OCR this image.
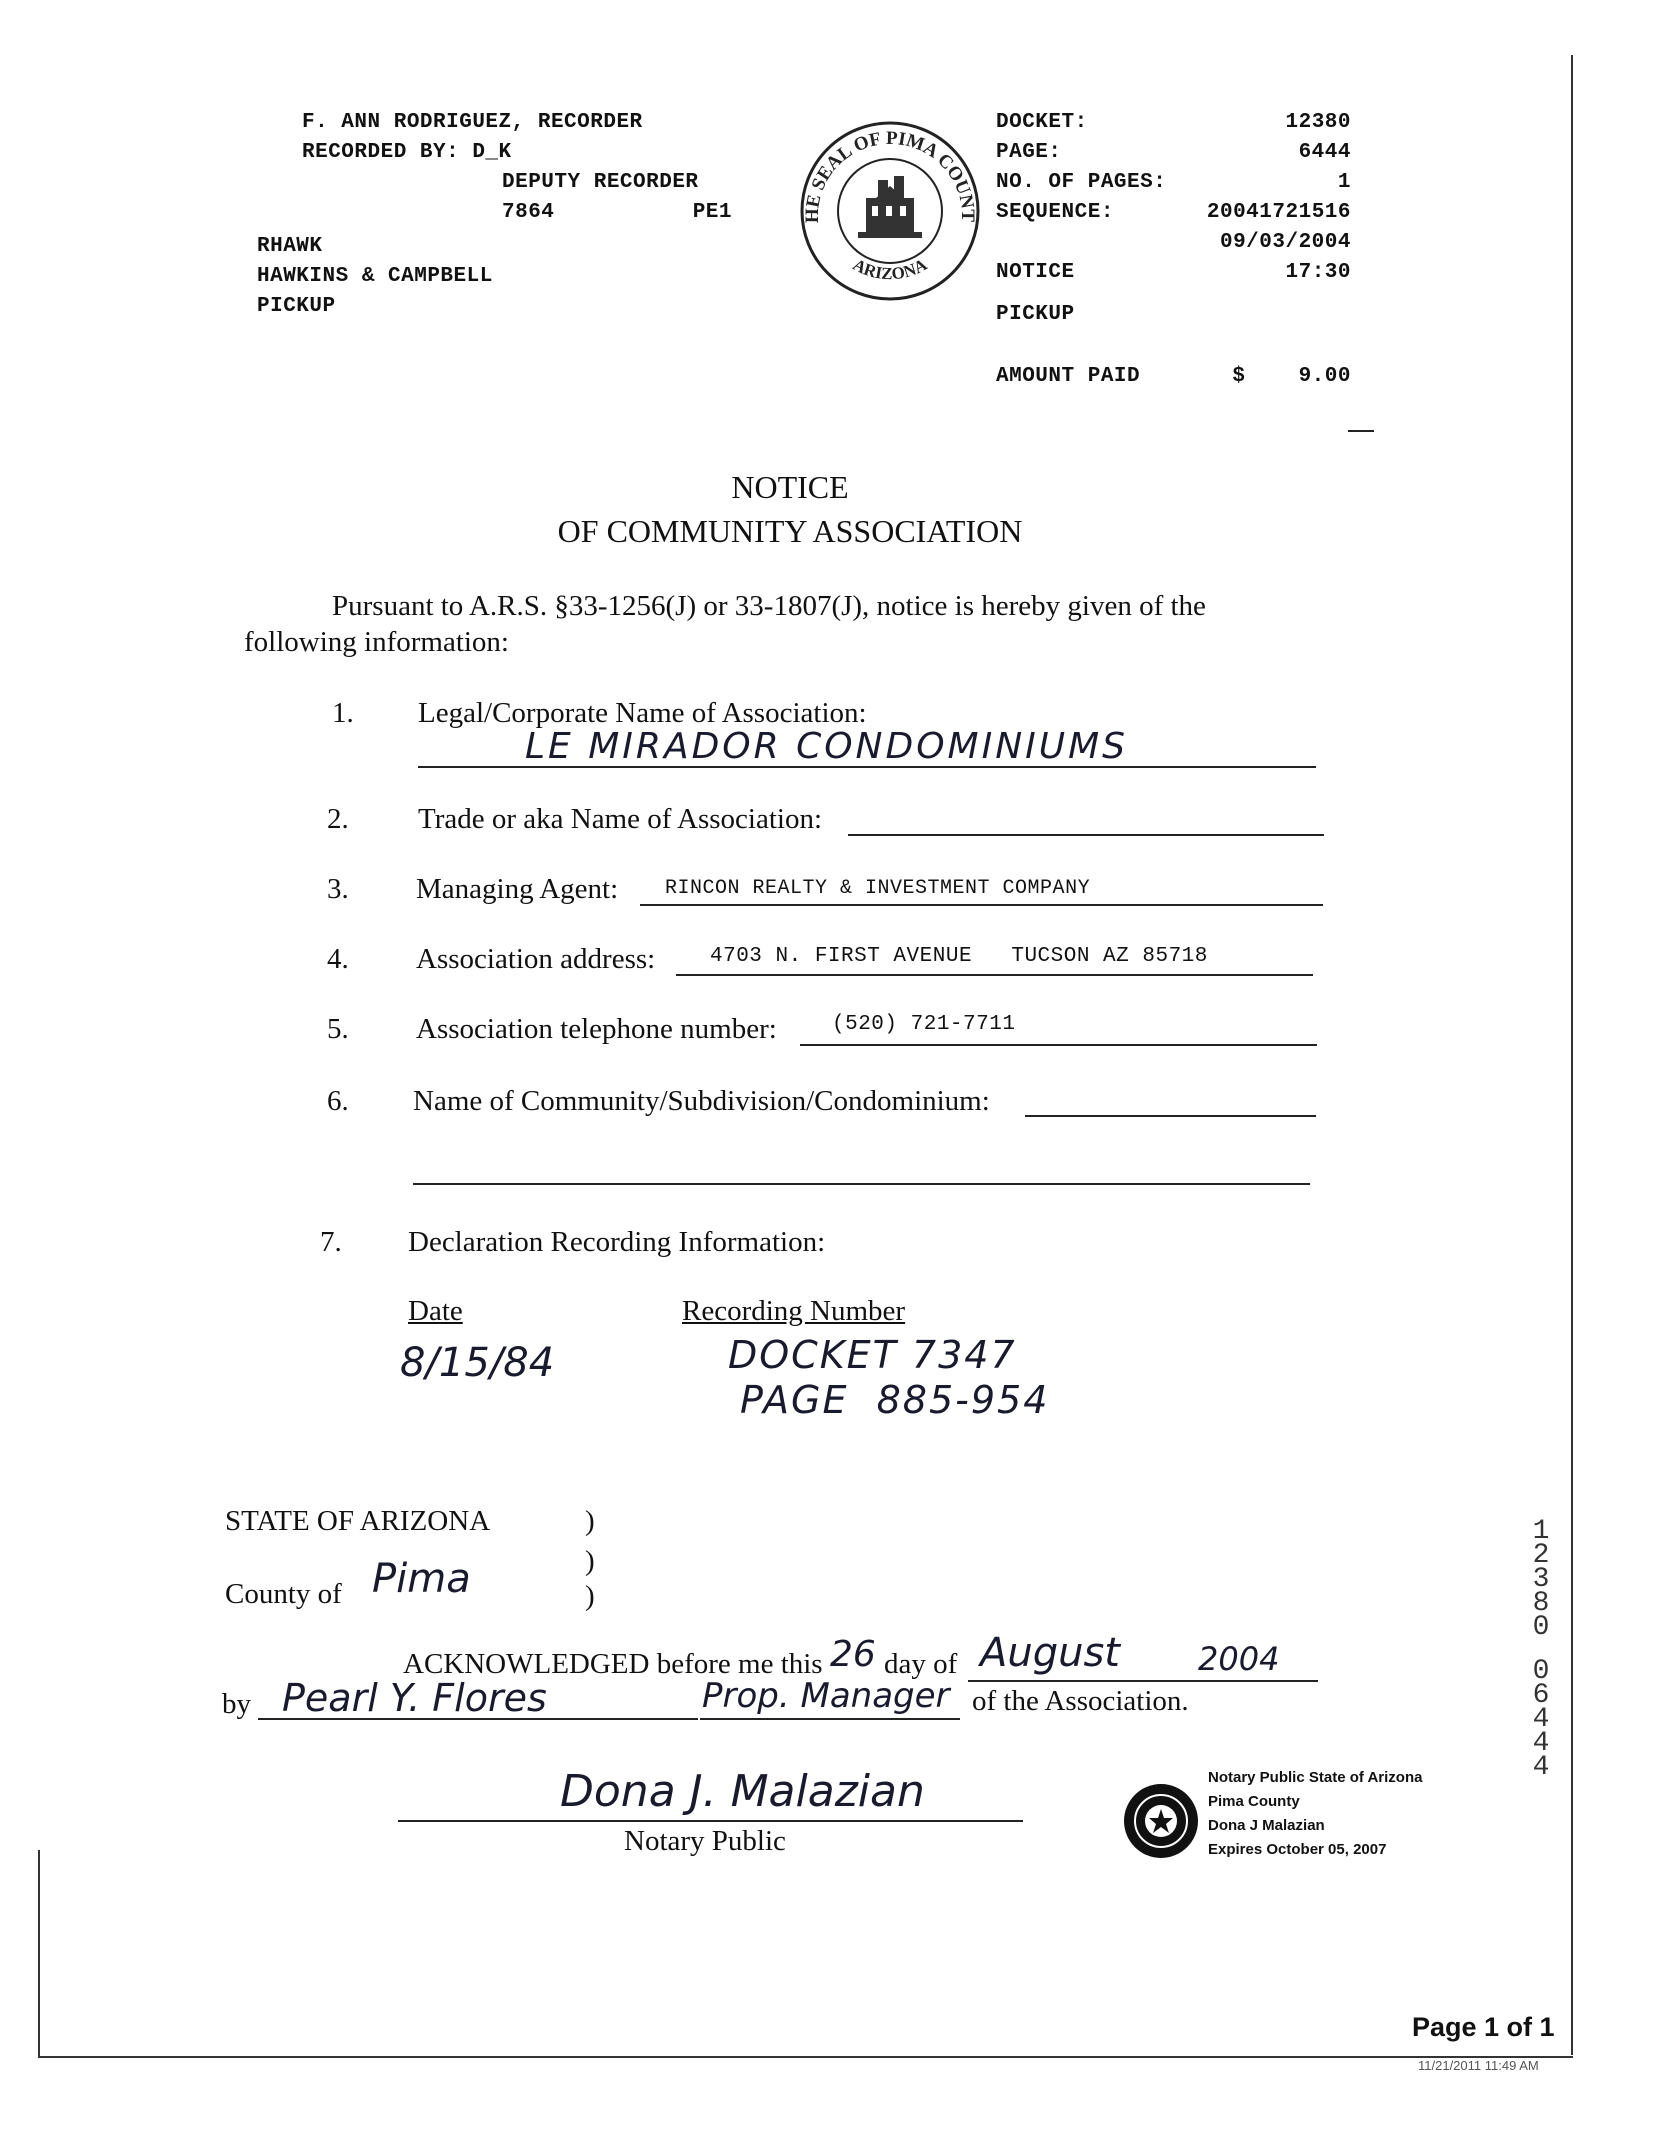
F. ANN RODRIGUEZ, RECORDER
RECORDED BY: D_K
DEPUTY RECORDER
7864	PE1
RHAWK
HAWKINS & CAMPBELL
PICKUP
HE SEAL OF PIMA COUNT
ARIZONA
DOCKET:	12380
PAGE:	6444
NO. OF PAGES:	1
SEQUENCE:	20041721516
09/03/2004
NOTICE	17:30
PICKUP
AMOUNT PAID	$	9.00
NOTICE
OF COMMUNITY ASSOCIATION
Pursuant to A.R.S. §33-1256(J) or 33-1807(J), notice is hereby given of the
following information:
1. Legal/Corporate Name of Association:
LE MIRADOR CONDOMINIUMS
2. Trade or aka Name of Association:
3. Managing Agent: RINCON REALTY & INVESTMENT COMPANY
4. Association address:	4703 N. FIRST AVENUE   TUCSON AZ 85718
5. Association telephone number:	(520) 721-7711
6. Name of Community/Subdivision/Condominium:
7. Declaration Recording Information:
Date	Recording Number
8/15/84	DOCKET 7347
PAGE  885-954
STATE OF ARIZONA	)
)
)
County of Pima
ACKNOWLEDGED before me this 26 day of August 2004
by Pearl Y. Flores	Prop. Manager of the Association.
Dona J. Malazian
Notary Public
Notary Public State of Arizona
Pima County
Dona J Malazian
Expires October 05, 2007
12380
06444
Page 1 of 1
11/21/2011 11:49 AM
